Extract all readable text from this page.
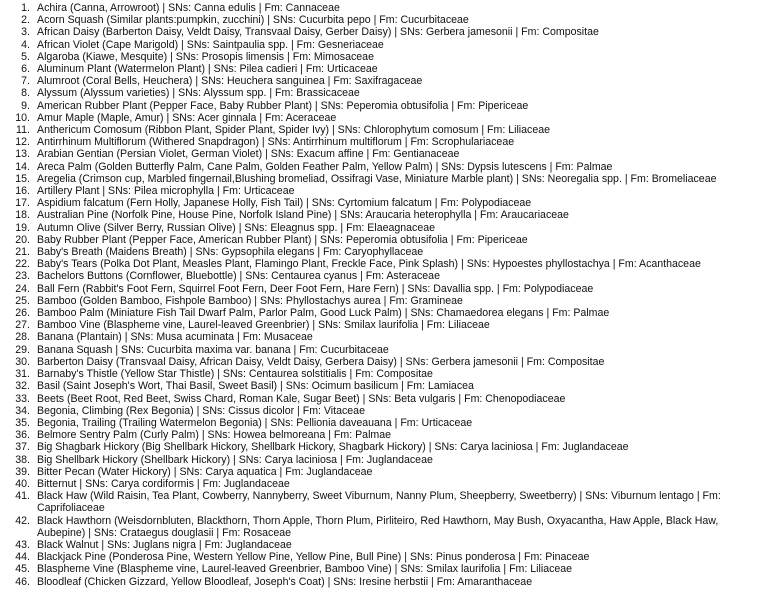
1. Achira (Canna, Arrowroot) | SNs: Canna edulis | Fm: Cannaceae
2. Acorn Squash (Similar plants:pumpkin, zucchini) | SNs: Cucurbita pepo | Fm: Cucurbitaceae
3. African Daisy (Barberton Daisy, Veldt Daisy, Transvaal Daisy, Gerber Daisy) | SNs: Gerbera jamesonii | Fm: Compositae
4. African Violet (Cape Marigold) | SNs: Saintpaulia spp. | Fm: Gesneriaceae
5. Algaroba (Kiawe, Mesquite) | SNs: Prosopis limensis | Fm: Mimosaceae
6. Aluminum Plant (Watermelon Plant) | SNs: Pilea cadieri | Fm: Urticaceae
7. Alumroot (Coral Bells, Heuchera) | SNs: Heuchera sanguinea | Fm: Saxifragaceae
8. Alyssum (Alyssum varieties) | SNs: Alyssum spp. | Fm: Brassicaceae
9. American Rubber Plant (Pepper Face, Baby Rubber Plant) | SNs: Peperomia obtusifolia | Fm: Pipericeae
10. Amur Maple (Maple, Amur) | SNs: Acer ginnala | Fm: Aceraceae
11. Anthericum Comosum (Ribbon Plant, Spider Plant, Spider Ivy) | SNs: Chlorophytum comosum | Fm: Liliaceae
12. Antirrhinum Multiflorum (Withered Snapdragon) | SNs: Antirrhinum multiflorum | Fm: Scrophulariaceae
13. Arabian Gentian (Persian Violet, German Violet) | SNs: Exacum affine | Fm: Gentianaceae
14. Areca Palm (Golden Butterfly Palm, Cane Palm, Golden Feather Palm, Yellow Palm) | SNs: Dypsis lutescens | Fm: Palmae
15. Aregelia (Crimson cup, Marbled fingernail,Blushing bromeliad, Ossifragi Vase, Miniature Marble plant) | SNs: Neoregalia spp. | Fm: Bromeliaceae
16. Artillery Plant | SNs: Pilea microphylla | Fm: Urticaceae
17. Aspidium falcatum (Fern Holly, Japanese Holly, Fish Tail) | SNs: Cyrtomium falcatum | Fm: Polypodiaceae
18. Australian Pine (Norfolk Pine, House Pine, Norfolk Island Pine) | SNs: Araucaria heterophylla | Fm: Araucariaceae
19. Autumn Olive (Silver Berry, Russian Olive) | SNs: Eleagnus spp. | Fm: Elaeagnaceae
20. Baby Rubber Plant (Pepper Face, American Rubber Plant) | SNs: Peperomia obtusifolia | Fm: Pipericeae
21. Baby's Breath (Maidens Breath) | SNs: Gypsophila elegans | Fm: Caryophyllaceae
22. Baby's Tears (Polka Dot Plant, Measles Plant, Flamingo Plant, Freckle Face, Pink Splash) | SNs: Hypoestes phyllostachya | Fm: Acanthaceae
23. Bachelors Buttons (Cornflower, Bluebottle) | SNs: Centaurea cyanus | Fm: Asteraceae
24. Ball Fern (Rabbit's Foot Fern, Squirrel Foot Fern, Deer Foot Fern, Hare Fern) | SNs: Davallia spp. | Fm: Polypodiaceae
25. Bamboo (Golden Bamboo, Fishpole Bamboo) | SNs: Phyllostachys aurea | Fm: Gramineae
26. Bamboo Palm (Miniature Fish Tail Dwarf Palm, Parlor Palm, Good Luck Palm) | SNs: Chamaedorea elegans | Fm: Palmae
27. Bamboo Vine (Blaspheme vine, Laurel-leaved Greenbrier) | SNs: Smilax laurifolia | Fm: Liliaceae
28. Banana (Plantain) | SNs: Musa acuminata | Fm: Musaceae
29. Banana Squash | SNs: Cucurbita maxima var. banana | Fm: Cucurbitaceae
30. Barberton Daisy (Transvaal Daisy, African Daisy, Veldt Daisy, Gerbera Daisy) | SNs: Gerbera jamesonii | Fm: Compositae
31. Barnaby's Thistle (Yellow Star Thistle) | SNs: Centaurea solstitialis | Fm: Compositae
32. Basil (Saint Joseph's Wort, Thai Basil, Sweet Basil) | SNs: Ocimum basilicum | Fm: Lamiacea
33. Beets (Beet Root, Red Beet, Swiss Chard, Roman Kale, Sugar Beet) | SNs: Beta vulgaris | Fm: Chenopodiaceae
34. Begonia, Climbing (Rex Begonia) | SNs: Cissus dicolor | Fm: Vitaceae
35. Begonia, Trailing (Trailing Watermelon Begonia) | SNs: Pellionia daveauana | Fm: Urticaceae
36. Belmore Sentry Palm (Curly Palm) | SNs: Howea belmoreana | Fm: Palmae
37. Big Shagbark Hickory (Big Shellbark Hickory, Shellbark Hickory, Shagbark Hickory) | SNs: Carya laciniosa | Fm: Juglandaceae
38. Big Shellbark Hickory (Shellbark Hickory) | SNs: Carya laciniosa | Fm: Juglandaceae
39. Bitter Pecan (Water Hickory) | SNs: Carya aquatica | Fm: Juglandaceae
40. Bitternut | SNs: Carya cordiformis | Fm: Juglandaceae
41. Black Haw (Wild Raisin, Tea Plant, Cowberry, Nannyberry, Sweet Viburnum, Nanny Plum, Sheepberry, Sweetberry) | SNs: Viburnum lentago | Fm: Caprifoliaceae
42. Black Hawthorn (Weisdornbluten, Blackthorn, Thorn Apple, Thorn Plum, Pirliteiro, Red Hawthorn, May Bush, Oxyacantha, Haw Apple, Black Haw, Aubepine) | SNs: Crataegus douglasii | Fm: Rosaceae
43. Black Walnut | SNs: Juglans nigra | Fm: Juglandaceae
44. Blackjack Pine (Ponderosa Pine, Western Yellow Pine, Yellow Pine, Bull Pine) | SNs: Pinus ponderosa | Fm: Pinaceae
45. Blaspheme Vine (Blaspheme vine, Laurel-leaved Greenbrier, Bamboo Vine) | SNs: Smilax laurifolia | Fm: Liliaceae
46. Bloodleaf (Chicken Gizzard, Yellow Bloodleaf, Joseph's Coat) | SNs: Iresine herbstii | Fm: Amaranthaceae
